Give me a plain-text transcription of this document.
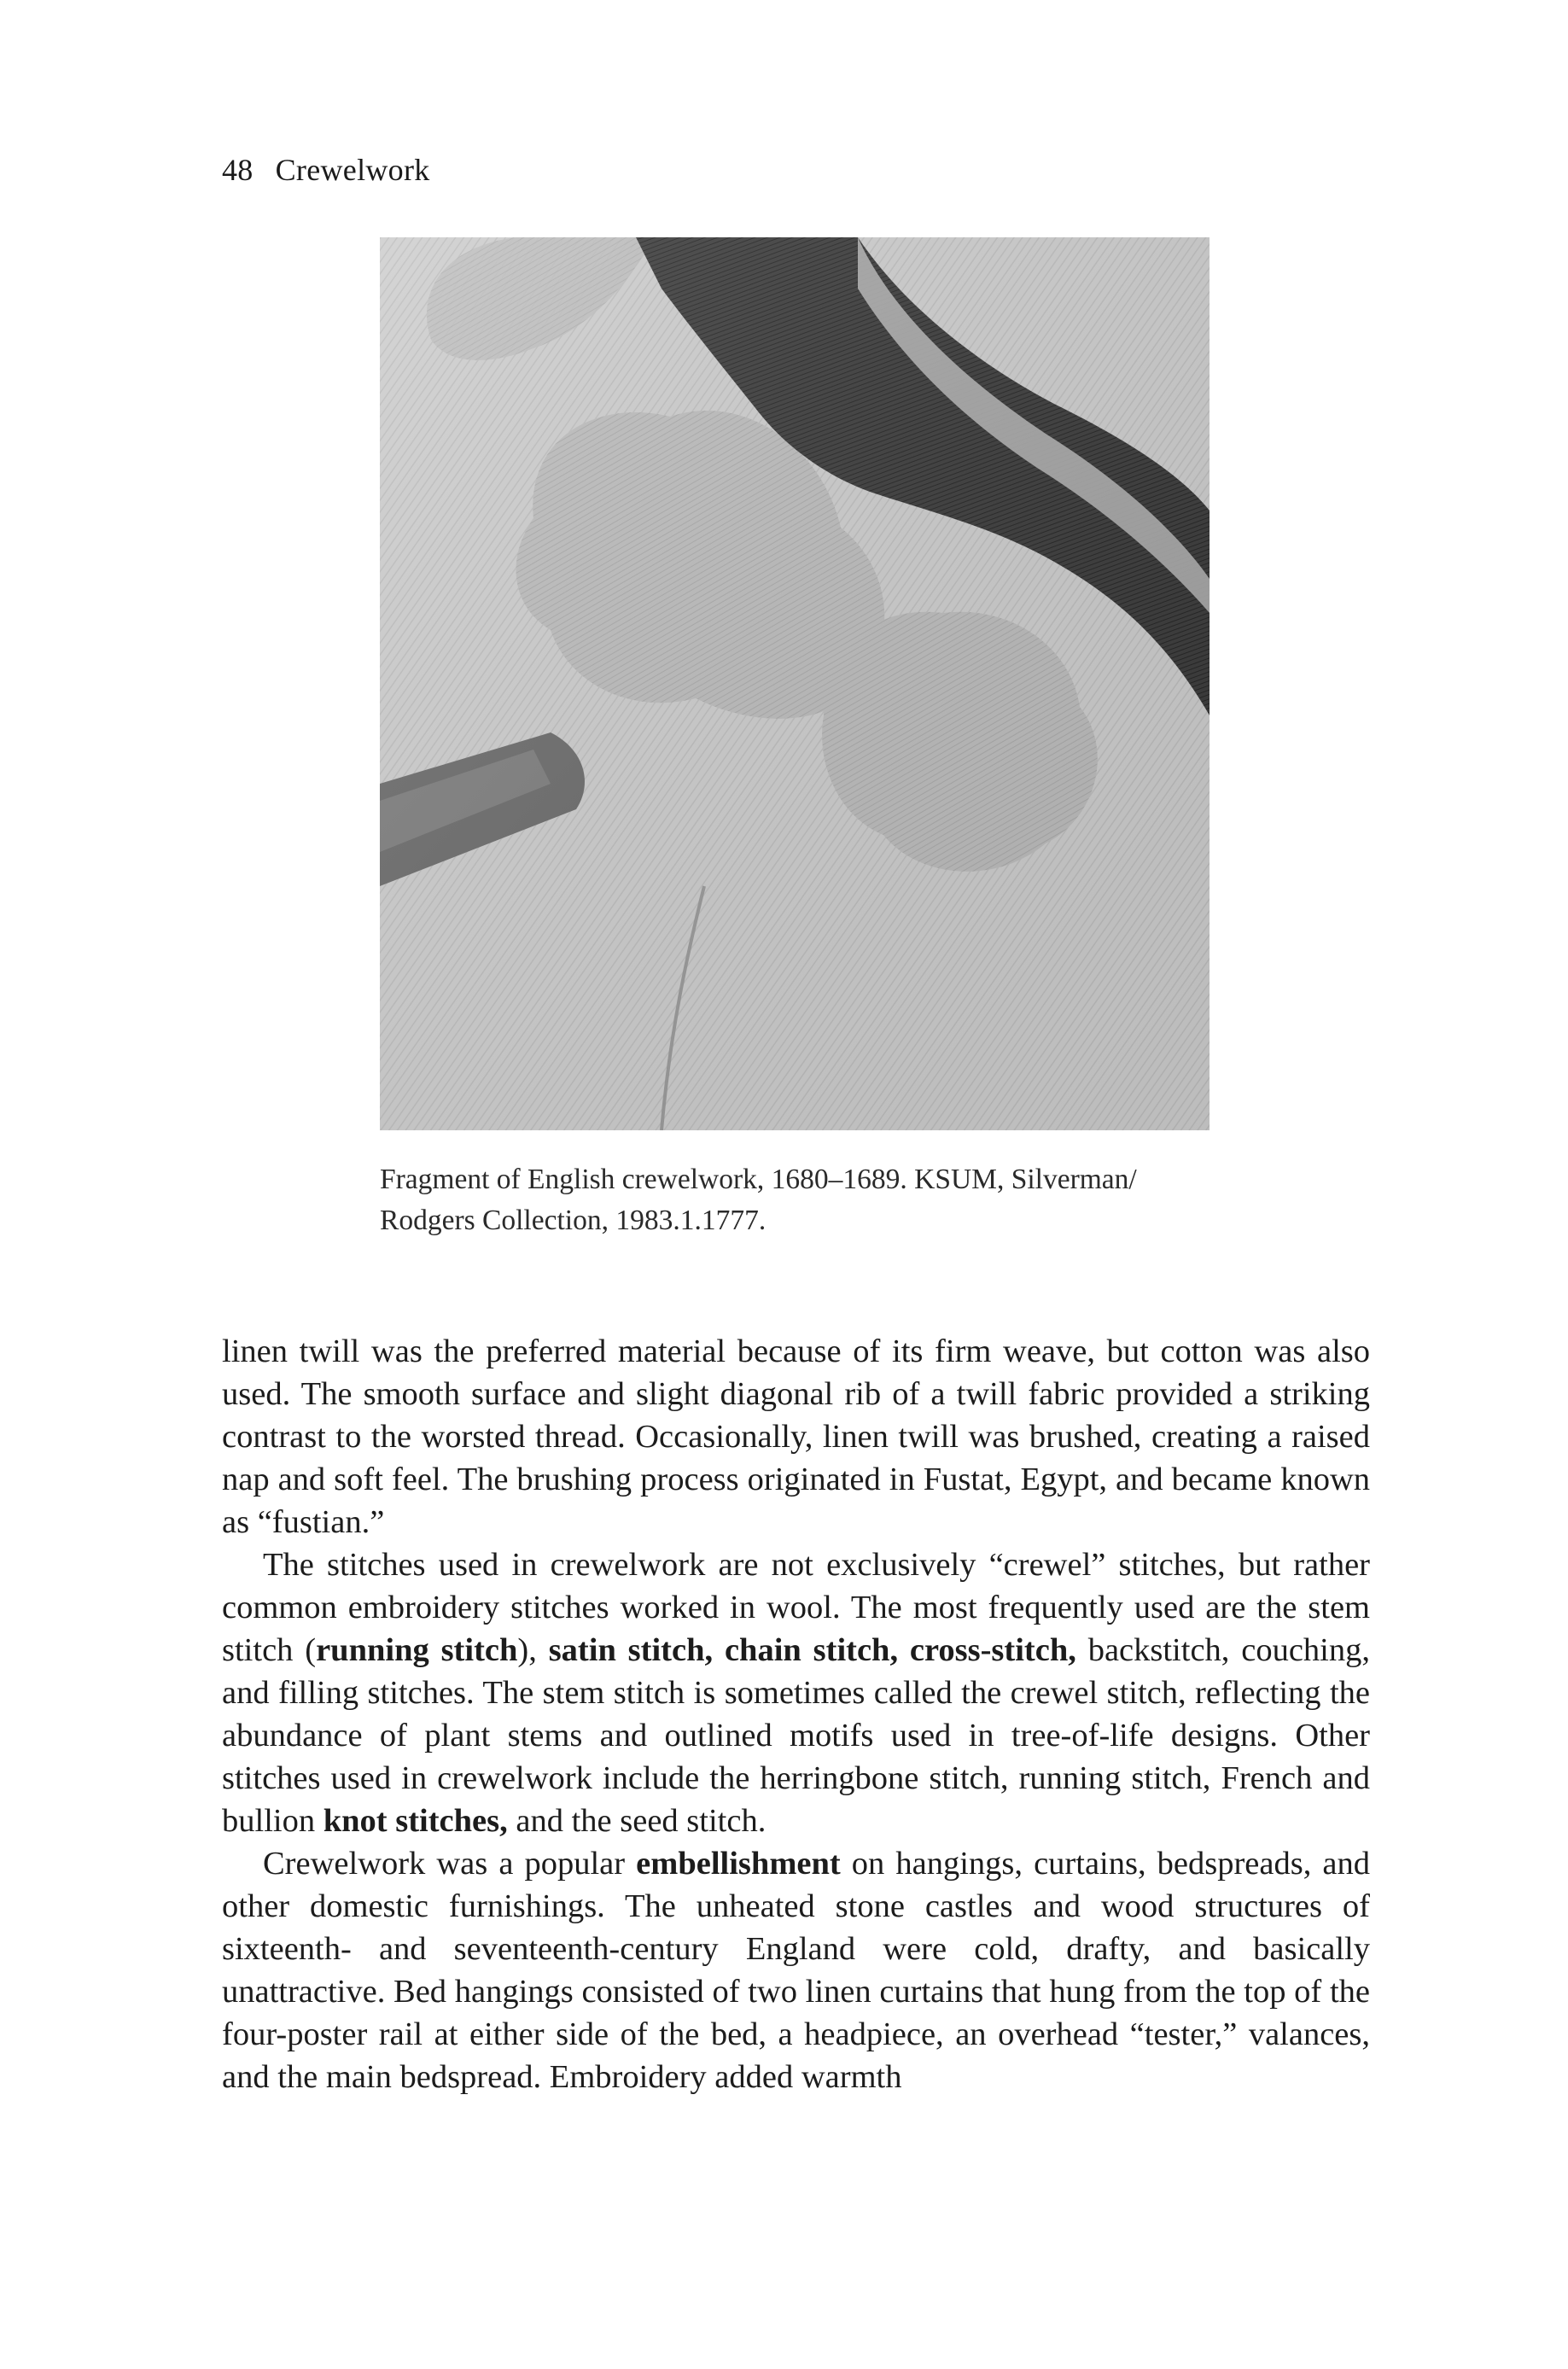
48 Crewelwork

Fragment of English crewelwork, 1680–1689. KSUM, Silverman/

Rodgers Collection, 1983.1.1777.

linen twill was the preferred material because of its firm weave, but cotton was also used. The smooth surface and slight diagonal rib of a twill fabric provided a striking contrast to the worsted thread. Occasionally, linen twill was brushed, creating a raised nap and soft feel. The brushing process originated in Fustat, Egypt, and became known as “fustian.”

The stitches used in crewelwork are not exclusively “crewel” stitches, but rather common embroidery stitches worked in wool. The most frequently used are the stem stitch (running stitch), satin stitch, chain stitch, cross-stitch, backstitch, couching, and filling stitches. The stem stitch is sometimes called the crewel stitch, reflecting the abundance of plant stems and outlined motifs used in tree-of-life designs. Other stitches used in crewelwork include the herringbone stitch, running stitch, French and bullion knot stitches, and the seed stitch.

Crewelwork was a popular embellishment on hangings, curtains, bedspreads, and other domestic furnishings. The unheated stone castles and wood structures of sixteenth- and seventeenth-century England were cold, drafty, and basically unattractive. Bed hangings consisted of two linen curtains that hung from the top of the four-poster rail at either side of the bed, a headpiece, an overhead “tester,” valances, and the main bedspread. Embroidery added warmth
